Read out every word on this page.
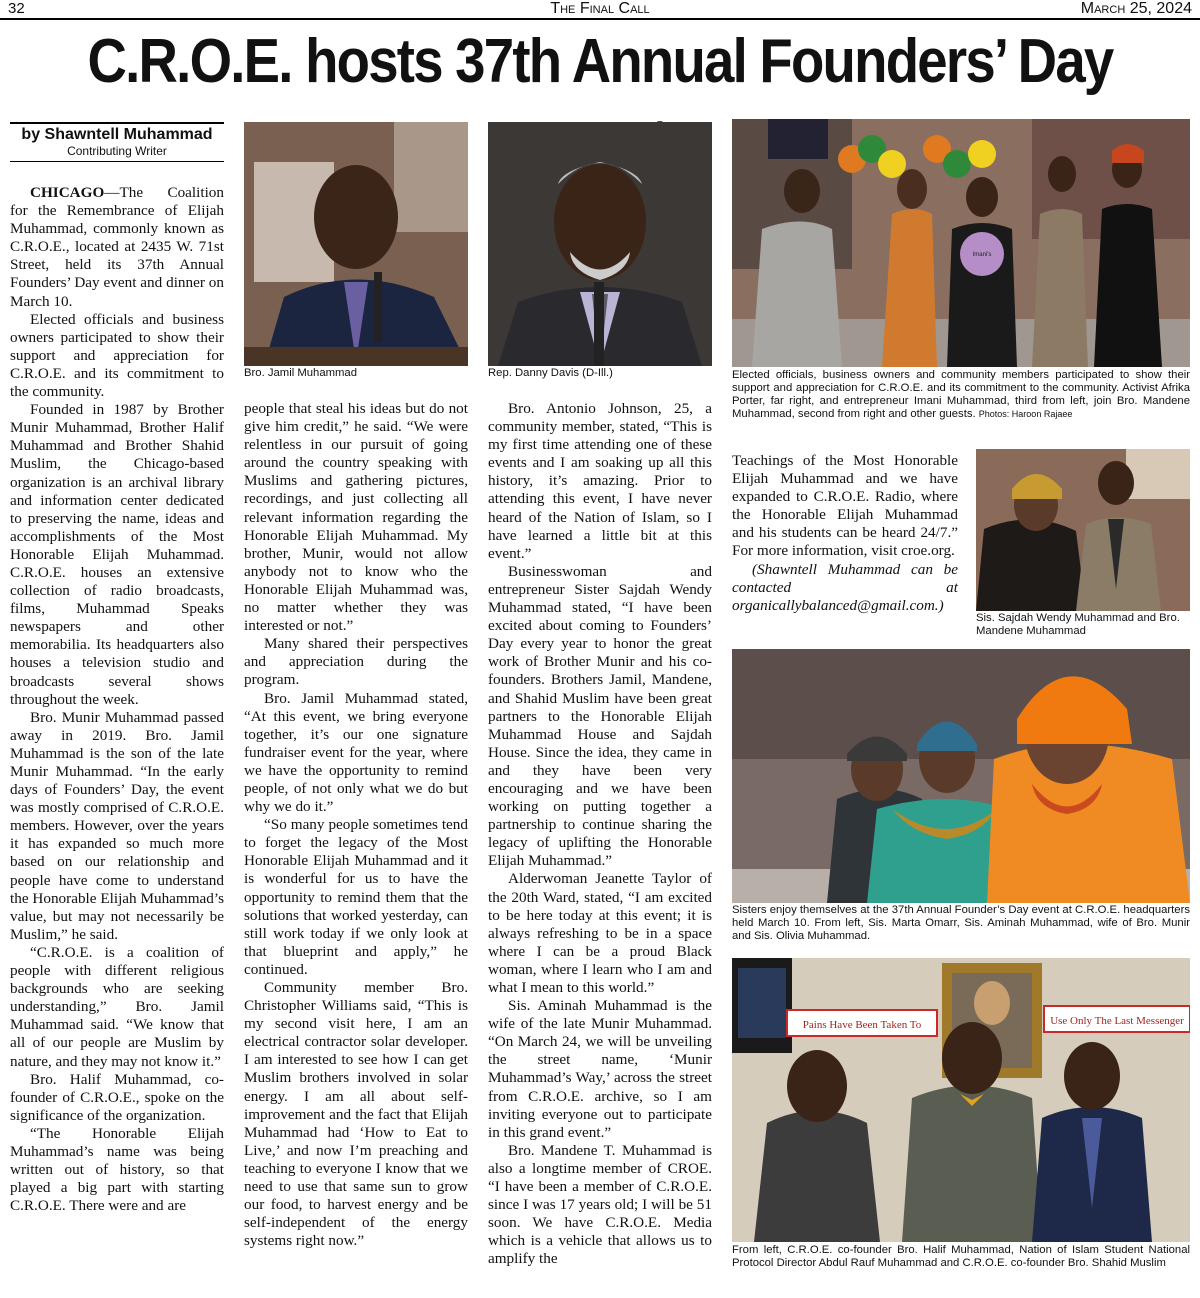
32	The Final Call	March 25, 2024
C.R.O.E. hosts 37th Annual Founders’ Day
by Shawntell Muhammad
Contributing Writer

CHICAGO—The Coalition for the Remembrance of Elijah Muhammad, commonly known as C.R.O.E., located at 2435 W. 71st Street, held its 37th Annual Founders’ Day event and dinner on March 10.

Elected officials and business owners participated to show their support and appreciation for C.R.O.E. and its commitment to the community.

Founded in 1987 by Brother Munir Muhammad, Brother Halif Muhammad and Brother Shahid Muslim, the Chicago-based organization is an archival library and information center dedicated to preserving the name, ideas and accomplishments of the Most Honorable Elijah Muhammad. C.R.O.E. houses an extensive collection of radio broadcasts, films, Muhammad Speaks newspapers and other memorabilia. Its headquarters also houses a television studio and broadcasts several shows throughout the week.

Bro. Munir Muhammad passed away in 2019. Bro. Jamil Muhammad is the son of the late Munir Muhammad. “In the early days of Founders’ Day, the event was mostly comprised of C.R.O.E. members. However, over the years it has expanded so much more based on our relationship and people have come to understand the Honorable Elijah Muhammad’s value, but may not necessarily be Muslim,” he said.

“C.R.O.E. is a coalition of people with different religious backgrounds who are seeking understanding,” Bro. Jamil Muhammad said. “We know that all of our people are Muslim by nature, and they may not know it.”

Bro. Halif Muhammad, co-founder of C.R.O.E., spoke on the significance of the organization.

“The Honorable Elijah Muhammad’s name was being written out of history, so that played a big part with starting C.R.O.E. There were and are

Bro. Jamil Muhammad

people that steal his ideas but do not give him credit,” he said. “We were relentless in our pursuit of going around the country speaking with Muslims and gathering pictures, recordings, and just collecting all relevant information regarding the Honorable Elijah Muhammad. My brother, Munir, would not allow anybody not to know who the Honorable Elijah Muhammad was, no matter whether they was interested or not.”

Many shared their perspectives and appreciation during the program.

Bro. Jamil Muhammad stated, “At this event, we bring everyone together, it’s our one signature fundraiser event for the year, where we have the opportunity to remind people, of not only what we do but why we do it.”

“So many people sometimes tend to forget the legacy of the Most Honorable Elijah Muhammad and it is wonderful for us to have the opportunity to remind them that the solutions that worked yesterday, can still work today if we only look at that blueprint and apply,” he continued.

Community member Bro. Christopher Williams said, “This is my second visit here, I am an electrical contractor solar developer. I am interested to see how I can get Muslim brothers involved in solar energy. I am all about self-improvement and the fact that Elijah Muhammad had ‘How to Eat to Live,’ and now I’m preaching and teaching to everyone I know that we need to use that same sun to grow our food, to harvest energy and be self-independent of the energy systems right now.”

Rep. Danny Davis (D-Ill.)

Bro. Antonio Johnson, 25, a community member, stated, “This is my first time attending one of these events and I am soaking up all this history, it’s amazing. Prior to attending this event, I have never heard of the Nation of Islam, so I have learned a little bit at this event.”

Businesswoman and entrepreneur Sister Sajdah Wendy Muhammad stated, “I have been excited about coming to Founders’ Day every year to honor the great work of Brother Munir and his co-founders. Brothers Jamil, Mandene, and Shahid Muslim have been great partners to the Honorable Elijah Muhammad House and Sajdah House. Since the idea, they came in and they have been very encouraging and we have been working on putting together a partnership to continue sharing the legacy of uplifting the Honorable Elijah Muhammad.”

Alderwoman Jeanette Taylor of the 20th Ward, stated, “I am excited to be here today at this event; it is always refreshing to be in a space where I can be a proud Black woman, where I learn who I am and what I mean to this world.”

Sis. Aminah Muhammad is the wife of the late Munir Muhammad. “On March 24, we will be unveiling the street name, ‘Munir Muhammad’s Way,’ across the street from C.R.O.E. archive, so I am inviting everyone out to participate in this grand event.”

Bro. Mandene T. Muhammad is also a longtime member of CROE. “I have been a member of C.R.O.E. since I was 17 years old; I will be 51 soon. We have C.R.O.E. Media which is a vehicle that allows us to amplify the

Imani's
Elected officials, business owners and community members participated to show their support and appreciation for C.R.O.E. and its commitment to the community. Activist Afrika Porter, far right, and entrepreneur Imani Muhammad, third from left, join Bro. Mandene Muhammad, second from right and other guests. Photos: Haroon Rajaee

Teachings of the Most Honorable Elijah Muhammad and we have expanded to C.R.O.E. Radio, where the Honorable Elijah Muhammad and his students can be heard 24/7.” For more information, visit croe.org.

(Shawntell Muhammad can be contacted at organicallybalanced@gmail.com.)

Sis. Sajdah Wendy Muhammad and Bro. Mandene Muhammad
Sisters enjoy themselves at the 37th Annual Founder’s Day event at C.R.O.E. headquarters held March 10. From left, Sis. Marta Omarr, Sis. Aminah Muhammad, wife of Bro. Munir and Sis. Olivia Muhammad.
Pains Have Been Taken To	Use Only The Last Messenger
From left, C.R.O.E. co-founder Bro. Halif Muhammad, Nation of Islam Student National Protocol Director Abdul Rauf Muhammad and C.R.O.E. co-founder Bro. Shahid Muslim
